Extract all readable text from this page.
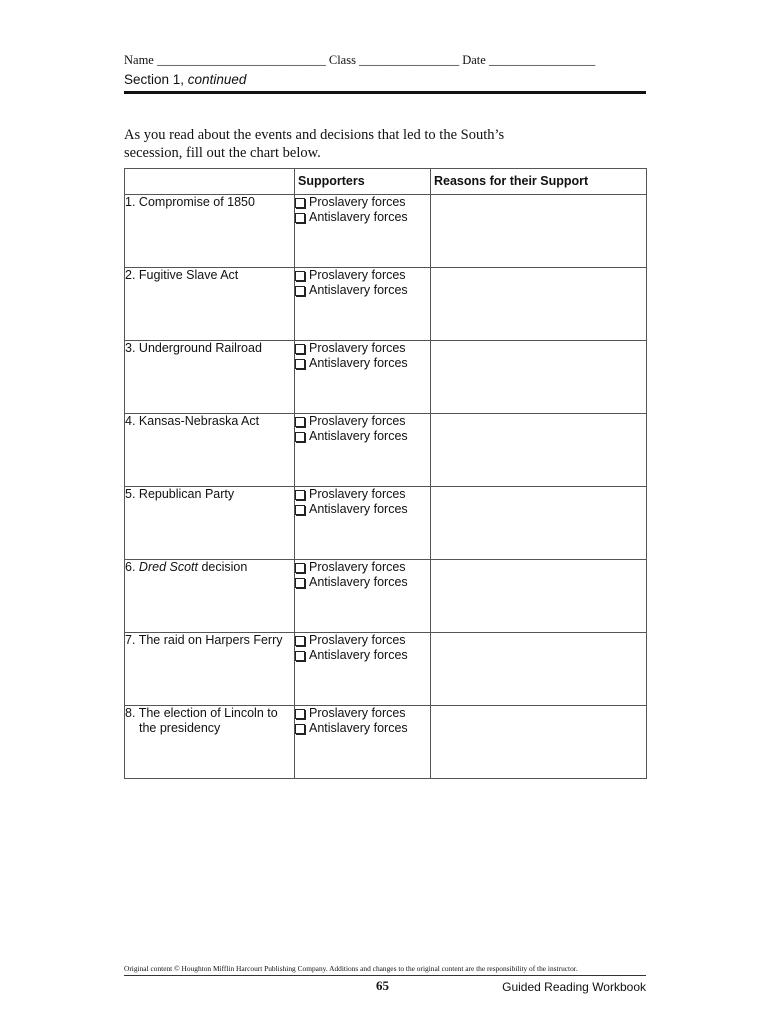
Name ___________________________ Class ________________ Date _________________
Section 1, continued
As you read about the events and decisions that led to the South’s secession, fill out the chart below.
	Supporters	Reasons for their Support

1. Compromise of 1850	Proslavery forces
Antislavery forces	

2. Fugitive Slave Act	Proslavery forces
Antislavery forces	

3. Underground Railroad	Proslavery forces
Antislavery forces	

4. Kansas-Nebraska Act	Proslavery forces
Antislavery forces	

5. Republican Party	Proslavery forces
Antislavery forces	

6. Dred Scott decision	Proslavery forces
Antislavery forces	

7. The raid on Harpers Ferry	Proslavery forces
Antislavery forces	

8. The election of Lincoln to the presidency	Proslavery forces
Antislavery forces	

Original content © Houghton Mifflin Harcourt Publishing Company. Additions and changes to the original content are the responsibility of the instructor.
65	Guided Reading Workbook
